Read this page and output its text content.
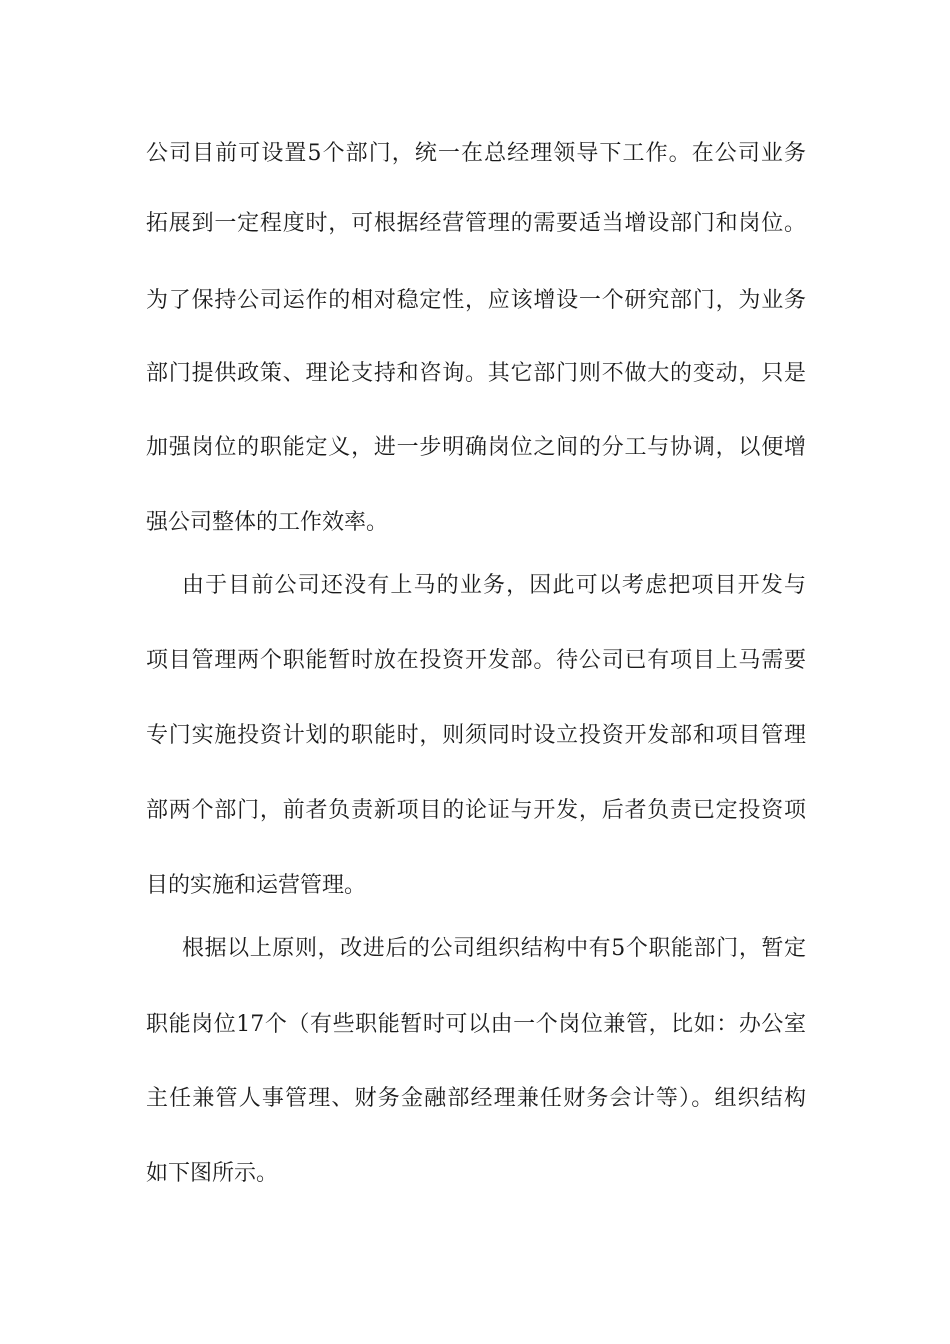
公司目前可设置5个部门，统一在总经理领导下工作。在公司业务
拓展到一定程度时，可根据经营管理的需要适当增设部门和岗位。
为了保持公司运作的相对稳定性，应该增设一个研究部门，为业务
部门提供政策、理论支持和咨询。其它部门则不做大的变动，只是
加强岗位的职能定义，进一步明确岗位之间的分工与协调，以便增
强公司整体的工作效率。
由于目前公司还没有上马的业务，因此可以考虑把项目开发与
项目管理两个职能暂时放在投资开发部。待公司已有项目上马需要
专门实施投资计划的职能时，则须同时设立投资开发部和项目管理
部两个部门，前者负责新项目的论证与开发，后者负责已定投资项
目的实施和运营管理。
根据以上原则，改进后的公司组织结构中有5个职能部门，暂定
职能岗位17个（有些职能暂时可以由一个岗位兼管，比如：办公室
主任兼管人事管理、财务金融部经理兼任财务会计等）。组织结构
如下图所示。
